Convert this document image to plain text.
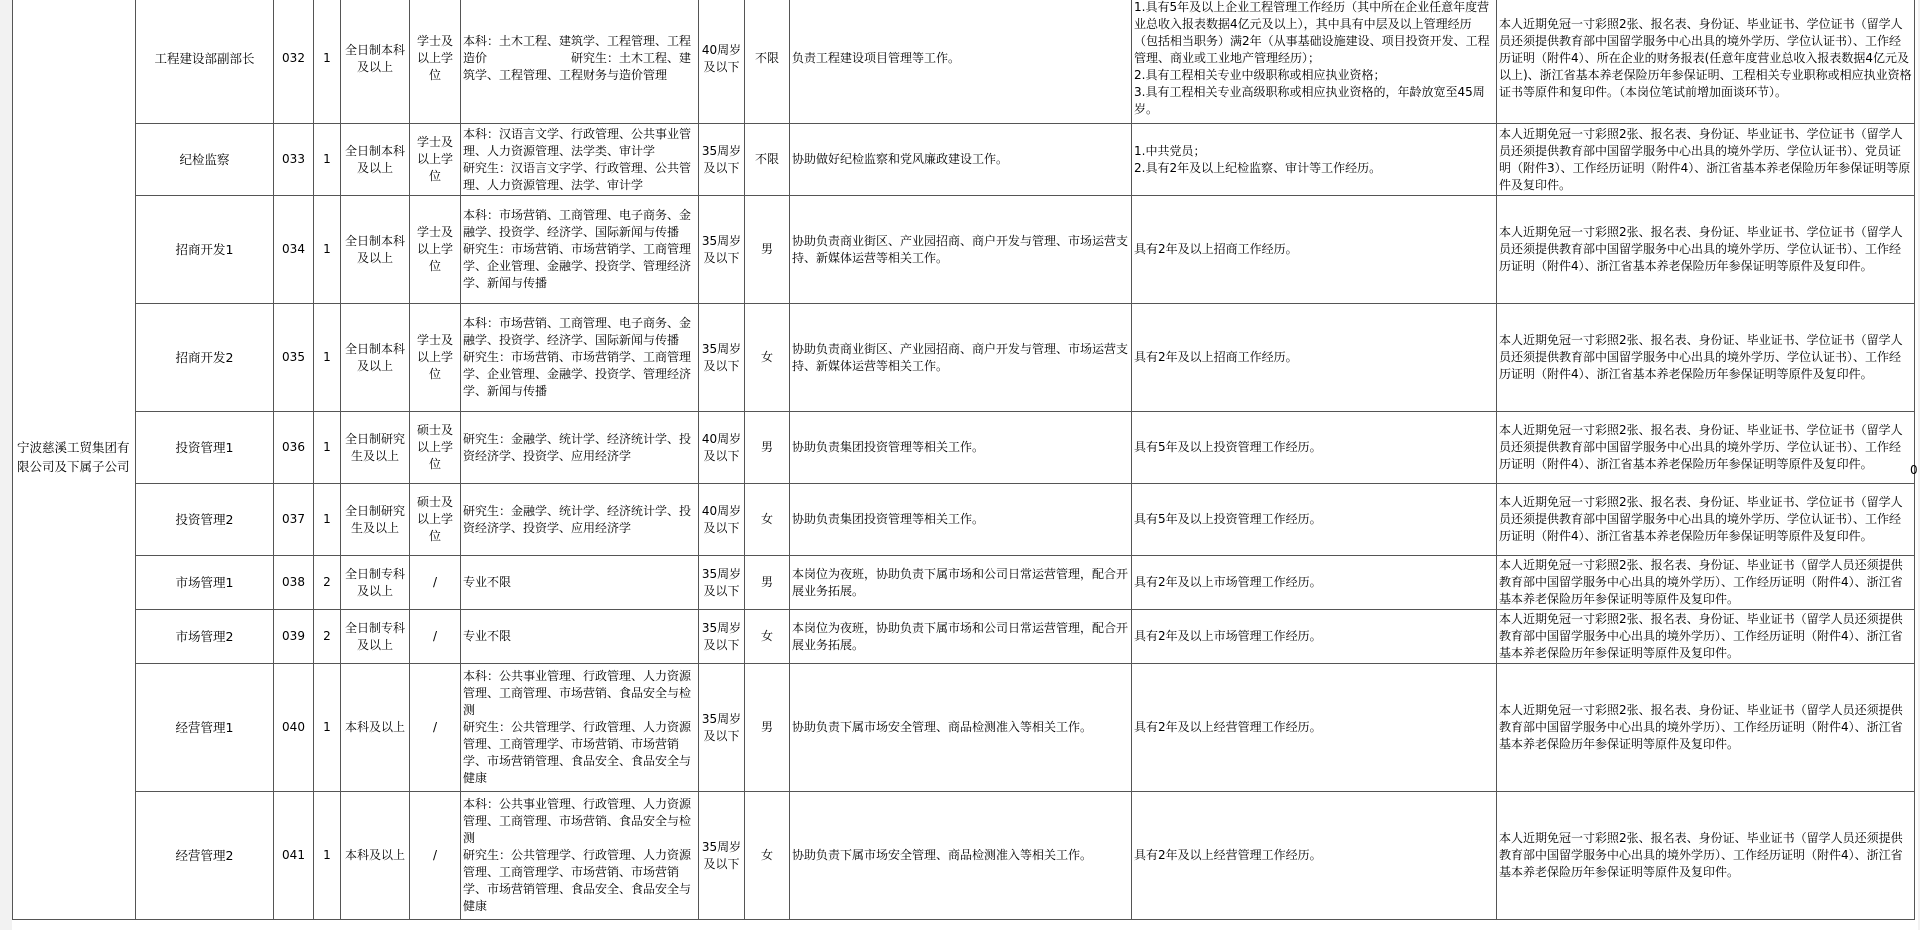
宁波慈溪工贸集团有限公司及下属子公司	工程建设部副部长	032	1	全日制本科及以上	学士及以上学位	本科：土木工程、建筑学、工程管理、工程造价　　　　　　　研究生：土木工程、建筑学、工程管理、工程财务与造价管理	40周岁及以下	不限	负责工程建设项目管理等工作。	1.具有5年及以上企业工程管理工作经历（其中所在企业任意年度营业总收入报表数据4亿元及以上），其中具有中层及以上管理经历（包括相当职务）满2年（从事基础设施建设、项目投资开发、工程管理、商业或工业地产管理经历）；
2.具有工程相关专业中级职称或相应执业资格；
3.具有工程相关专业高级职称或相应执业资格的，年龄放宽至45周岁。	本人近期免冠一寸彩照2张、报名表、身份证、毕业证书、学位证书（留学人员还须提供教育部中国留学服务中心出具的境外学历、学位认证书）、工作经历证明（附件4）、所在企业的财务报表(任意年度营业总收入报表数据4亿元及以上)、浙江省基本养老保险历年参保证明、工程相关专业职称或相应执业资格证书等原件和复印件。（本岗位笔试前增加面谈环节）。
	纪检监察	033	1	全日制本科及以上	学士及以上学位	本科：汉语言文学、行政管理、公共事业管理、人力资源管理、法学类、审计学
研究生：汉语言文字学、行政管理、公共管理、人力资源管理、法学、审计学	35周岁及以下	不限	协助做好纪检监察和党风廉政建设工作。	1.中共党员；
2.具有2年及以上纪检监察、审计等工作经历。	本人近期免冠一寸彩照2张、报名表、身份证、毕业证书、学位证书（留学人员还须提供教育部中国留学服务中心出具的境外学历、学位认证书）、党员证明（附件3）、工作经历证明（附件4）、浙江省基本养老保险历年参保证明等原件及复印件。
	招商开发1	034	1	全日制本科及以上	学士及以上学位	本科：市场营销、工商管理、电子商务、金融学、投资学、经济学、国际新闻与传播
研究生：市场营销、市场营销学、工商管理学、企业管理、金融学、投资学、管理经济学、新闻与传播	35周岁及以下	男	协助负责商业街区、产业园招商、商户开发与管理、市场运营支持、新媒体运营等相关工作。	具有2年及以上招商工作经历。	本人近期免冠一寸彩照2张、报名表、身份证、毕业证书、学位证书（留学人员还须提供教育部中国留学服务中心出具的境外学历、学位认证书）、工作经历证明（附件4）、浙江省基本养老保险历年参保证明等原件及复印件。
	招商开发2	035	1	全日制本科及以上	学士及以上学位	本科：市场营销、工商管理、电子商务、金融学、投资学、经济学、国际新闻与传播
研究生：市场营销、市场营销学、工商管理学、企业管理、金融学、投资学、管理经济学、新闻与传播	35周岁及以下	女	协助负责商业街区、产业园招商、商户开发与管理、市场运营支持、新媒体运营等相关工作。	具有2年及以上招商工作经历。	本人近期免冠一寸彩照2张、报名表、身份证、毕业证书、学位证书（留学人员还须提供教育部中国留学服务中心出具的境外学历、学位认证书）、工作经历证明（附件4）、浙江省基本养老保险历年参保证明等原件及复印件。
	投资管理1	036	1	全日制研究生及以上	硕士及以上学位	研究生：金融学、统计学、经济统计学、投资经济学、投资学、应用经济学	40周岁及以下	男	协助负责集团投资管理等相关工作。	具有5年及以上投资管理工作经历。	本人近期免冠一寸彩照2张、报名表、身份证、毕业证书、学位证书（留学人员还须提供教育部中国留学服务中心出具的境外学历、学位认证书）、工作经历证明（附件4）、浙江省基本养老保险历年参保证明等原件及复印件。
	投资管理2	037	1	全日制研究生及以上	硕士及以上学位	研究生：金融学、统计学、经济统计学、投资经济学、投资学、应用经济学	40周岁及以下	女	协助负责集团投资管理等相关工作。	具有5年及以上投资管理工作经历。	本人近期免冠一寸彩照2张、报名表、身份证、毕业证书、学位证书（留学人员还须提供教育部中国留学服务中心出具的境外学历、学位认证书）、工作经历证明（附件4）、浙江省基本养老保险历年参保证明等原件及复印件。
	市场管理1	038	2	全日制专科及以上	/	专业不限	35周岁及以下	男	本岗位为夜班，协助负责下属市场和公司日常运营管理，配合开展业务拓展。	具有2年及以上市场管理工作经历。	本人近期免冠一寸彩照2张、报名表、身份证、毕业证书（留学人员还须提供教育部中国留学服务中心出具的境外学历）、工作经历证明（附件4）、浙江省基本养老保险历年参保证明等原件及复印件。
	市场管理2	039	2	全日制专科及以上	/	专业不限	35周岁及以下	女	本岗位为夜班，协助负责下属市场和公司日常运营管理，配合开展业务拓展。	具有2年及以上市场管理工作经历。	本人近期免冠一寸彩照2张、报名表、身份证、毕业证书（留学人员还须提供教育部中国留学服务中心出具的境外学历）、工作经历证明（附件4）、浙江省基本养老保险历年参保证明等原件及复印件。
	经营管理1	040	1	本科及以上	/	本科：公共事业管理、行政管理、人力资源管理、工商管理、市场营销、食品安全与检测
研究生：公共管理学、行政管理、人力资源管理、工商管理学、市场营销、市场营销学、市场营销管理、食品安全、食品安全与健康	35周岁及以下	男	协助负责下属市场安全管理、商品检测准入等相关工作。	具有2年及以上经营管理工作经历。	本人近期免冠一寸彩照2张、报名表、身份证、毕业证书（留学人员还须提供教育部中国留学服务中心出具的境外学历）、工作经历证明（附件4）、浙江省基本养老保险历年参保证明等原件及复印件。
	经营管理2	041	1	本科及以上	/	本科：公共事业管理、行政管理、人力资源管理、工商管理、市场营销、食品安全与检测
研究生：公共管理学、行政管理、人力资源管理、工商管理学、市场营销、市场营销学、市场营销管理、食品安全、食品安全与健康	35周岁及以下	女	协助负责下属市场安全管理、商品检测准入等相关工作。	具有2年及以上经营管理工作经历。	本人近期免冠一寸彩照2张、报名表、身份证、毕业证书（留学人员还须提供教育部中国留学服务中心出具的境外学历）、工作经历证明（附件4）、浙江省基本养老保险历年参保证明等原件及复印件。
0
